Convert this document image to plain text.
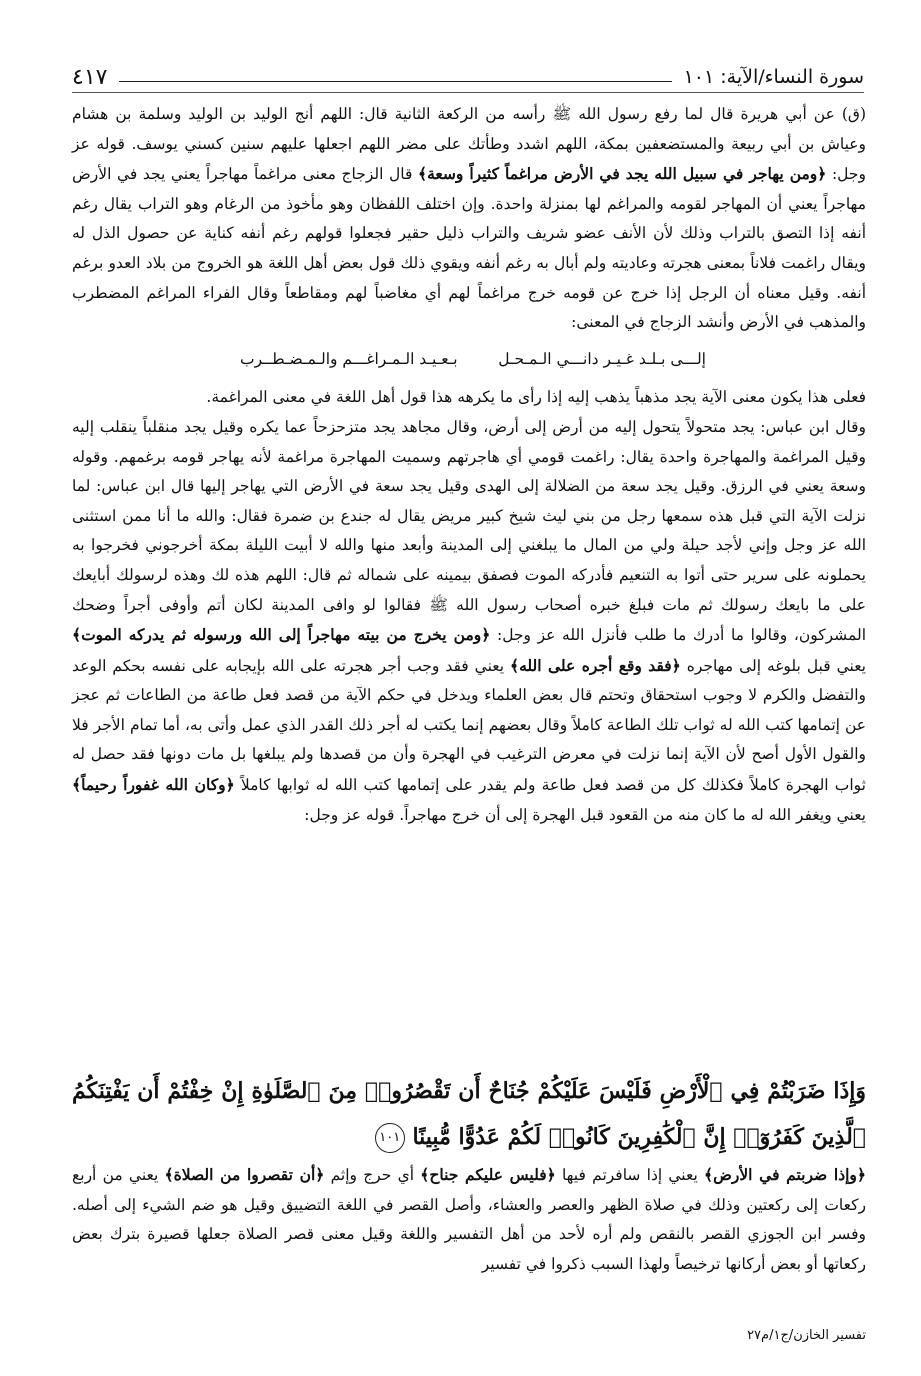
سورة النساء/الآية: ١٠١
٤١٧

(ق) عن أبي هريرة قال لما رفع رسول الله ﷺ رأسه من الركعة الثانية قال: اللهم أنج الوليد بن الوليد وسلمة بن هشام وعياش بن أبي ربيعة والمستضعفين بمكة، اللهم اشدد وطأتك على مضر اللهم اجعلها عليهم سنين كسني يوسف. قوله عز وجل: ﴿ومن يهاجر في سبيل الله يجد في الأرض مراغماً كثيراً وسعة﴾ قال الزجاج معنى مراغماً مهاجراً يعني يجد في الأرض مهاجراً يعني أن المهاجر لقومه والمراغم لها بمنزلة واحدة. وإن اختلف اللفظان وهو مأخوذ من الرغام وهو التراب يقال رغم أنفه إذا التصق بالتراب وذلك لأن الأنف عضو شريف والتراب ذليل حقير فجعلوا قولهم رغم أنفه كناية عن حصول الذل له ويقال راغمت فلاناً بمعنى هجرته وعاديته ولم أبال به رغم أنفه ويقوي ذلك قول بعض أهل اللغة هو الخروج من بلاد العدو برغم أنفه. وقيل معناه أن الرجل إذا خرج عن قومه خرج مراغماً لهم أي مغاضباً لهم ومقاطعاً وقال الفراء المراغم المضطرب والمذهب في الأرض وأنشد الزجاج في المعنى:

إلـــى بـلـد غـيـر دانـــي الـمـحـل
بـعـيـد الـمـراغـــم والـمـضـطــرب

فعلى هذا يكون معنى الآية يجد مذهباً يذهب إليه إذا رأى ما يكرهه هذا قول أهل اللغة في معنى المراغمة.

وقال ابن عباس: يجد متحولاً يتحول إليه من أرض إلى أرض، وقال مجاهد يجد متزحزحاً عما يكره وقيل يجد منقلباً ينقلب إليه وقيل المراغمة والمهاجرة واحدة يقال: راغمت قومي أي هاجرتهم وسميت المهاجرة مراغمة لأنه يهاجر قومه برغمهم. وقوله وسعة يعني في الرزق. وقيل يجد سعة من الضلالة إلى الهدى وقيل يجد سعة في الأرض التي يهاجر إليها قال ابن عباس: لما نزلت الآية التي قبل هذه سمعها رجل من بني ليث شيخ كبير مريض يقال له جندع بن ضمرة فقال: والله ما أنا ممن استثنى الله عز وجل وإني لأجد حيلة ولي من المال ما يبلغني إلى المدينة وأبعد منها والله لا أبيت الليلة بمكة أخرجوني فخرجوا به يحملونه على سرير حتى أتوا به التنعيم فأدركه الموت فصفق بيمينه على شماله ثم قال: اللهم هذه لك وهذه لرسولك أبايعك على ما بايعك رسولك ثم مات فبلغ خبره أصحاب رسول الله ﷺ فقالوا لو وافى المدينة لكان أتم وأوفى أجراً وضحك المشركون، وقالوا ما أدرك ما طلب فأنزل الله عز وجل: ﴿ومن يخرج من بيته مهاجراً إلى الله ورسوله ثم يدركه الموت﴾ يعني قبل بلوغه إلى مهاجره ﴿فقد وقع أجره على الله﴾ يعني فقد وجب أجر هجرته على الله بإيجابه على نفسه بحكم الوعد والتفضل والكرم لا وجوب استحقاق وتحتم قال بعض العلماء ويدخل في حكم الآية من قصد فعل طاعة من الطاعات ثم عجز عن إتمامها كتب الله له ثواب تلك الطاعة كاملاً وقال بعضهم إنما يكتب له أجر ذلك القدر الذي عمل وأتى به، أما تمام الأجر فلا والقول الأول أصح لأن الآية إنما نزلت في معرض الترغيب في الهجرة وأن من قصدها ولم يبلغها بل مات دونها فقد حصل له ثواب الهجرة كاملاً فكذلك كل من قصد فعل طاعة ولم يقدر على إتمامها كتب الله له ثوابها كاملاً ﴿وكان الله غفوراً رحيماً﴾ يعني ويغفر الله له ما كان منه من القعود قبل الهجرة إلى أن خرج مهاجراً. قوله عز وجل:

وَإِذَا ضَرَبْتُمْ فِي ٱلْأَرْضِ فَلَيْسَ عَلَيْكُمْ جُنَاحٌ أَن تَقْصُرُوا۟ مِنَ ٱلصَّلَوٰةِ إِنْ خِفْتُمْ أَن يَفْتِنَكُمُ ٱلَّذِينَ كَفَرُوٓا۟ إِنَّ ٱلْكَٰفِرِينَ كَانُوا۟ لَكُمْ عَدُوًّا مُّبِينًا ١٠١

﴿وإذا ضربتم في الأرض﴾ يعني إذا سافرتم فيها ﴿فليس عليكم جناح﴾ أي حرج وإثم ﴿أن تقصروا من الصلاة﴾ يعني من أربع ركعات إلى ركعتين وذلك في صلاة الظهر والعصر والعشاء، وأصل القصر في اللغة التضييق وقيل هو ضم الشيء إلى أصله. وفسر ابن الجوزي القصر بالنقص ولم أره لأحد من أهل التفسير واللغة وقيل معنى قصر الصلاة جعلها قصيرة بترك بعض ركعاتها أو بعض أركانها ترخيصاً ولهذا السبب ذكروا في تفسير

تفسير الخازن/ج١/م٢٧
